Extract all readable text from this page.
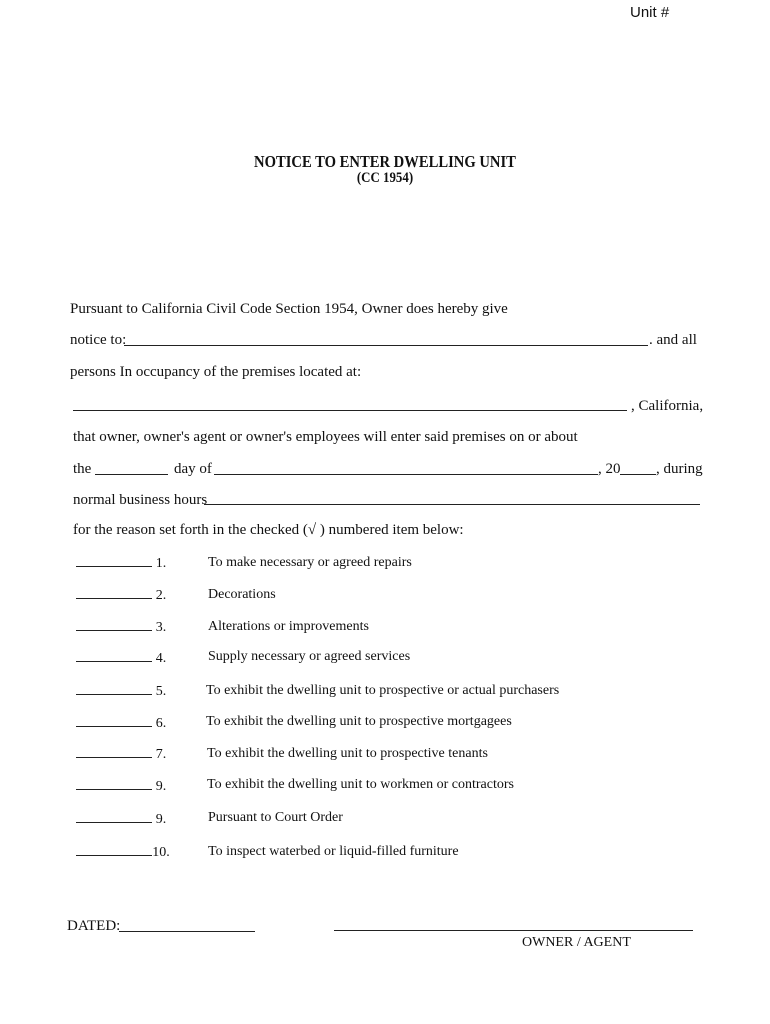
Unit #
NOTICE TO ENTER DWELLING UNIT
(CC 1954)
Pursuant to California Civil Code Section 1954, Owner does hereby give
notice to:	. and all
persons In occupancy of the premises located at:
, California,
that owner, owner's agent or owner's employees will enter said premises on or about
the	day of	, 20 , during
normal business hours
for the reason set forth in the checked (√ ) numbered item below:
1.	To make necessary or agreed repairs
2.	Decorations
3.	Alterations or improvements
4.	Supply necessary or agreed services
5.	To exhibit the dwelling unit to prospective or actual purchasers
6.	To exhibit the dwelling unit to prospective mortgagees
7.	To exhibit the dwelling unit to prospective tenants
9.	To exhibit the dwelling unit to workmen or contractors
9.	Pursuant to Court Order
10.	To inspect waterbed or liquid-filled furniture
DATED:
OWNER / AGENT
